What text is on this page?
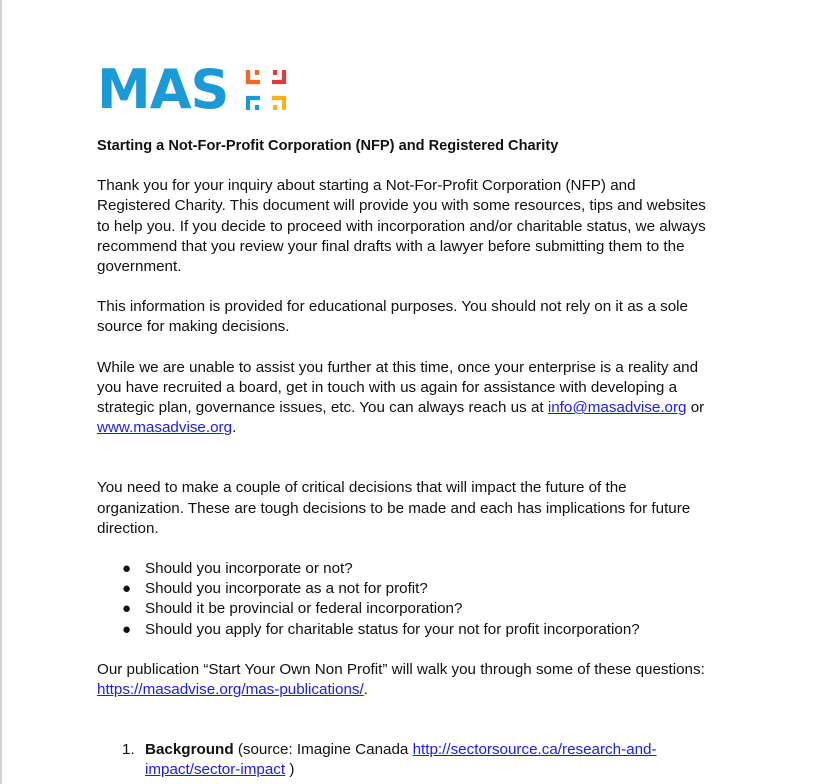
MAS
Starting a Not-For-Profit Corporation (NFP) and Registered Charity

Thank you for your inquiry about starting a Not-For-Profit Corporation (NFP) and Registered Charity. This document will provide you with some resources, tips and websites to help you. If you decide to proceed with incorporation and/or charitable status, we always recommend that you review your final drafts with a lawyer before submitting them to the government.

This information is provided for educational purposes. You should not rely on it as a sole source for making decisions.

While we are unable to assist you further at this time, once your enterprise is a reality and you have recruited a board, get in touch with us again for assistance with developing a strategic plan, governance issues, etc. You can always reach us at info@masadvise.org or www.masadvise.org.

You need to make a couple of critical decisions that will impact the future of the organization. These are tough decisions to be made and each has implications for future direction.

● Should you incorporate or not?
● Should you incorporate as a not for profit?
● Should it be provincial or federal incorporation?
● Should you apply for charitable status for your not for profit incorporation?

Our publication “Start Your Own Non Profit” will walk you through some of these questions: https://masadvise.org/mas-publications/.

1. Background (source: Imagine Canada http://sectorsource.ca/research-and-impact/sector-impact )
